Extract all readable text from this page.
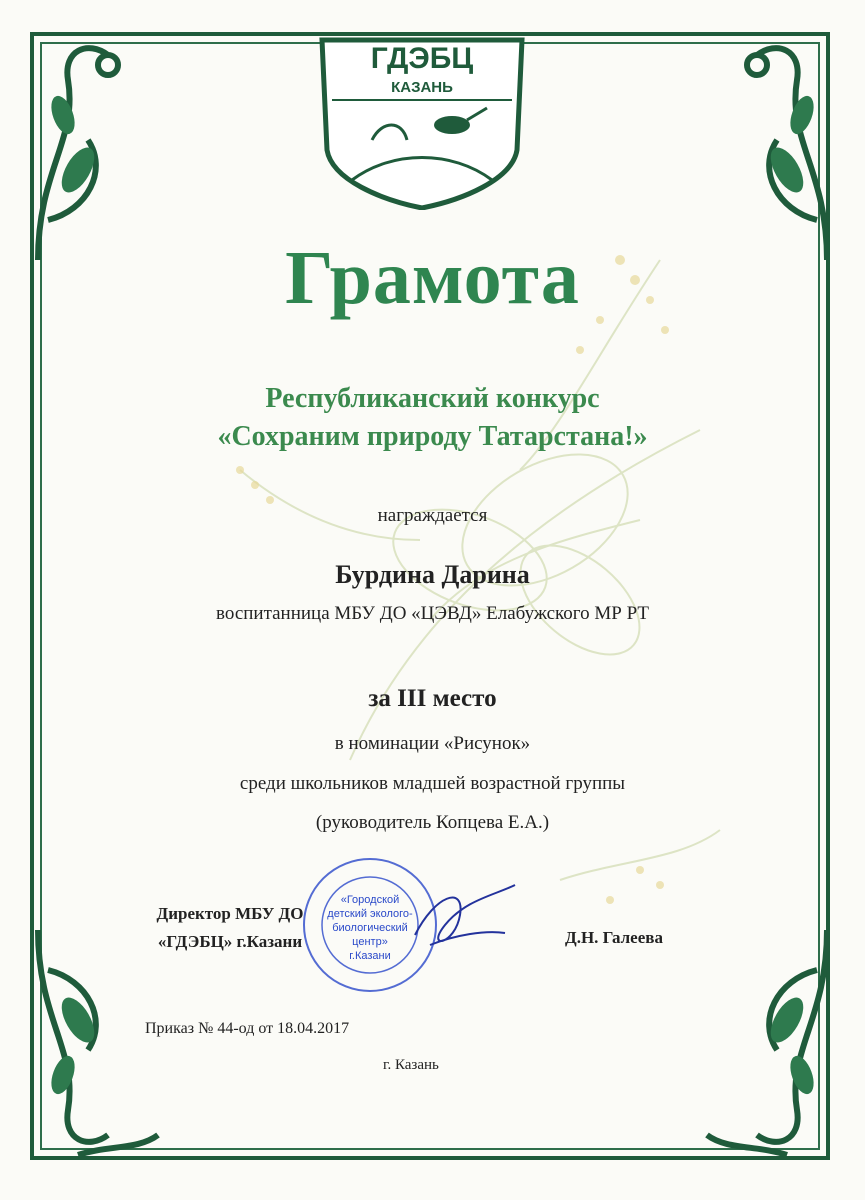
ГДЭБЦ
КАЗАНЬ
Грамота
Республиканский конкурс
«Сохраним природу Татарстана!»
награждается
Бурдина Дарина
воспитанница МБУ ДО «ЦЭВД» Елабужского МР РТ
за III место
в номинации «Рисунок»
среди школьников младшей возрастной группы
(руководитель Копцева Е.А.)
Директор МБУ ДО
«ГДЭБЦ» г.Казани
«Городской
детский эколого-
биологический
центр»
г.Казани
Д.Н. Галеева
Приказ № 44-од от 18.04.2017
г. Казань
